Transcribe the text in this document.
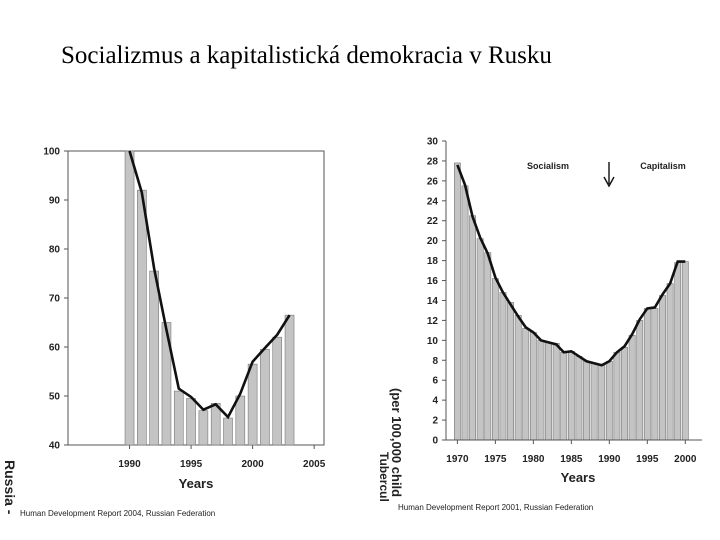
Socializmus a kapitalistická demokracia v Rusku
40
50
60
70
80
90
100
1990	1995	2000	2005
Years
Russia - Human Development Report 2004, Russian Federation
0
2
4
6
8
10
12
14
16
18
20
22
24
26
28
30
1970 1975 1980 1985 1990 1995 2000
Socialism	Capitalism
Years
(per 100,000 child
Tubercul
Human Development Report 2001, Russian Federation
